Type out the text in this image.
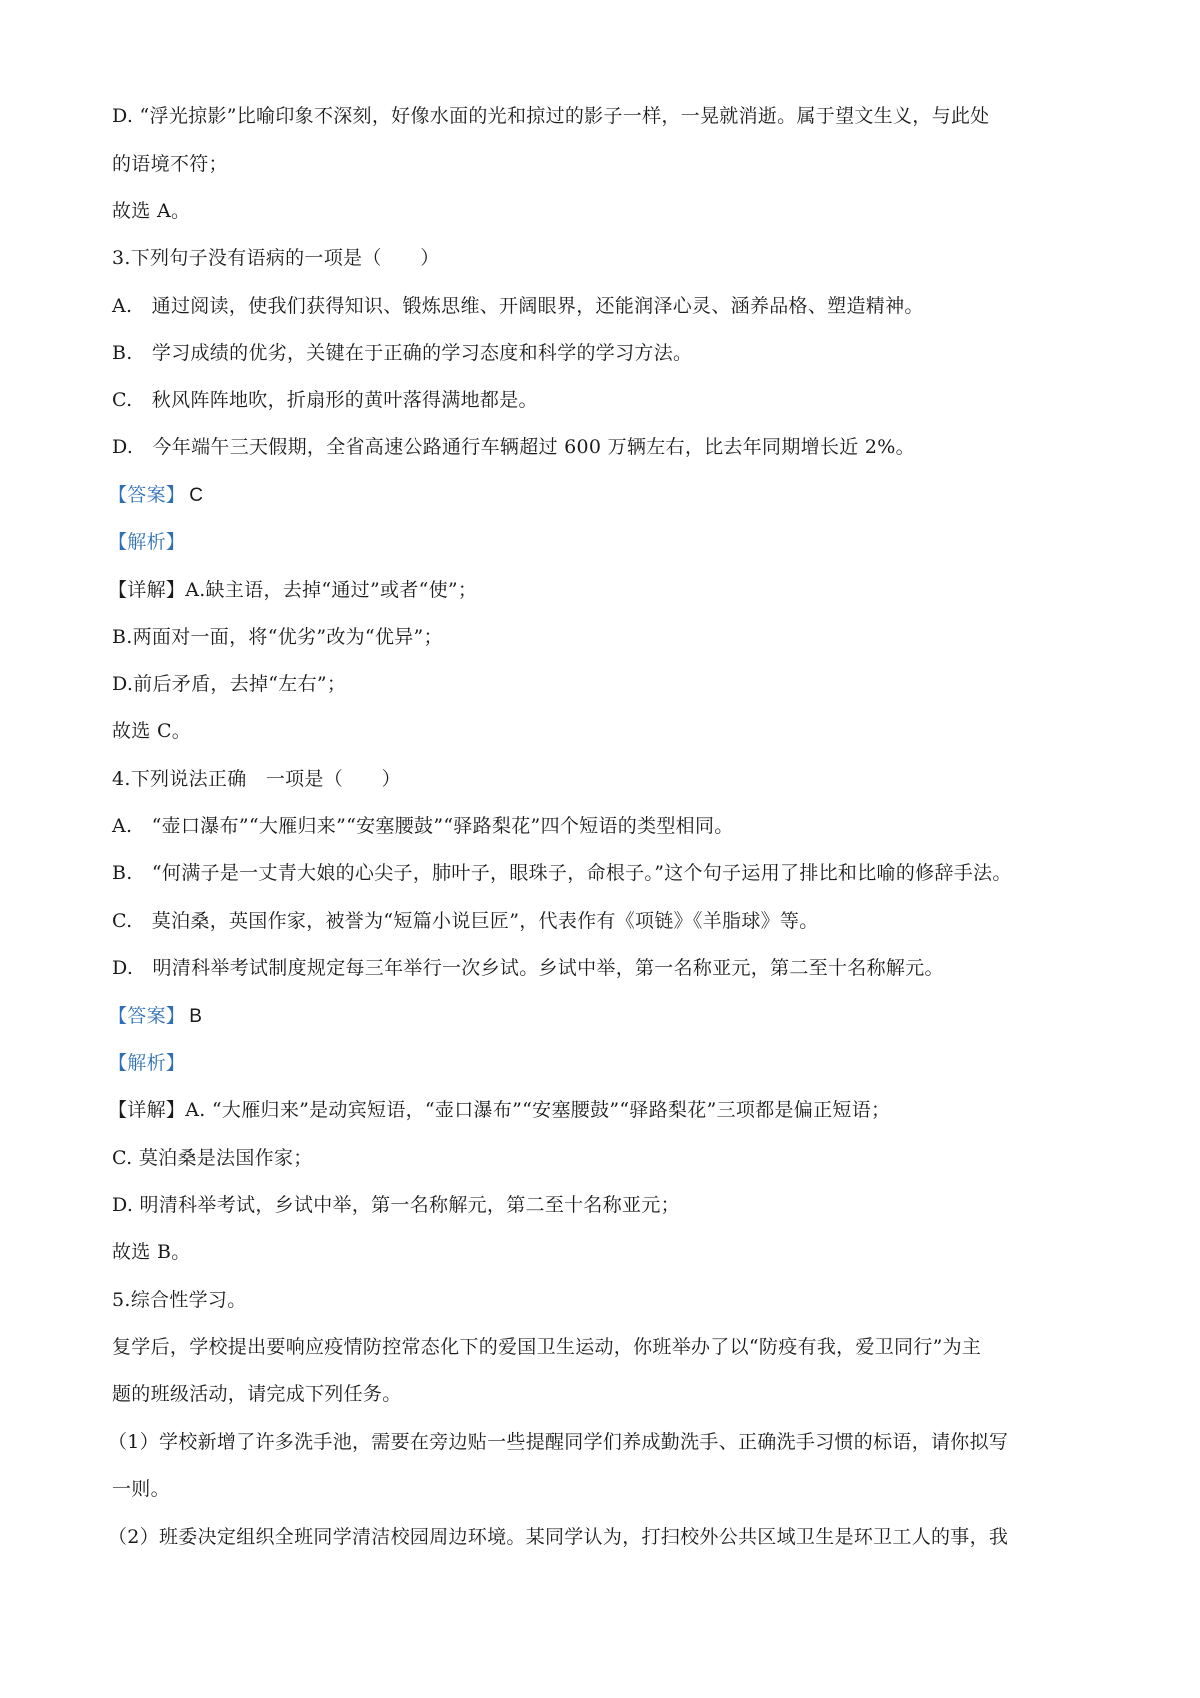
D. “浮光掠影”比喻印象不深刻，好像水面的光和掠过的影子一样，一晃就消逝。属于望文生义，与此处

的语境不符；

故选 A。

3.下列句子没有语病的一项是（　　）

A.　通过阅读，使我们获得知识、锻炼思维、开阔眼界，还能润泽心灵、涵养品格、塑造精神。

B.　学习成绩的优劣，关键在于正确的学习态度和科学的学习方法。

C.　秋风阵阵地吹，折扇形的黄叶落得满地都是。

D.　今年端午三天假期，全省高速公路通行车辆超过 600 万辆左右，比去年同期增长近 2%。

【答案】 C

【解析】

【详解】A.缺主语，去掉“通过”或者“使”；

B.两面对一面，将“优劣”改为“优异”；

D.前后矛盾，去掉“左右”；

故选 C。

4.下列说法正确　一项是（　　）

A.　“壶口瀑布”“大雁归来”“安塞腰鼓”“驿路梨花”四个短语的类型相同。

B.　“何满子是一丈青大娘的心尖子，肺叶子，眼珠子，命根子。”这个句子运用了排比和比喻的修辞手法。

C.　莫泊桑，英国作家，被誉为“短篇小说巨匠”，代表作有《项链》《羊脂球》等。

D.　明清科举考试制度规定每三年举行一次乡试。乡试中举，第一名称亚元，第二至十名称解元。

【答案】 B

【解析】

【详解】A. “大雁归来”是动宾短语，“壶口瀑布”“安塞腰鼓”“驿路梨花”三项都是偏正短语；

C. 莫泊桑是法国作家；

D. 明清科举考试，乡试中举，第一名称解元，第二至十名称亚元；

故选 B。

5.综合性学习。

复学后，学校提出要响应疫情防控常态化下的爱国卫生运动，你班举办了以“防疫有我，爱卫同行”为主

题的班级活动，请完成下列任务。

（1）学校新增了许多洗手池，需要在旁边贴一些提醒同学们养成勤洗手、正确洗手习惯的标语，请你拟写

一则。

（2）班委决定组织全班同学清洁校园周边环境。某同学认为，打扫校外公共区域卫生是环卫工人的事，我
